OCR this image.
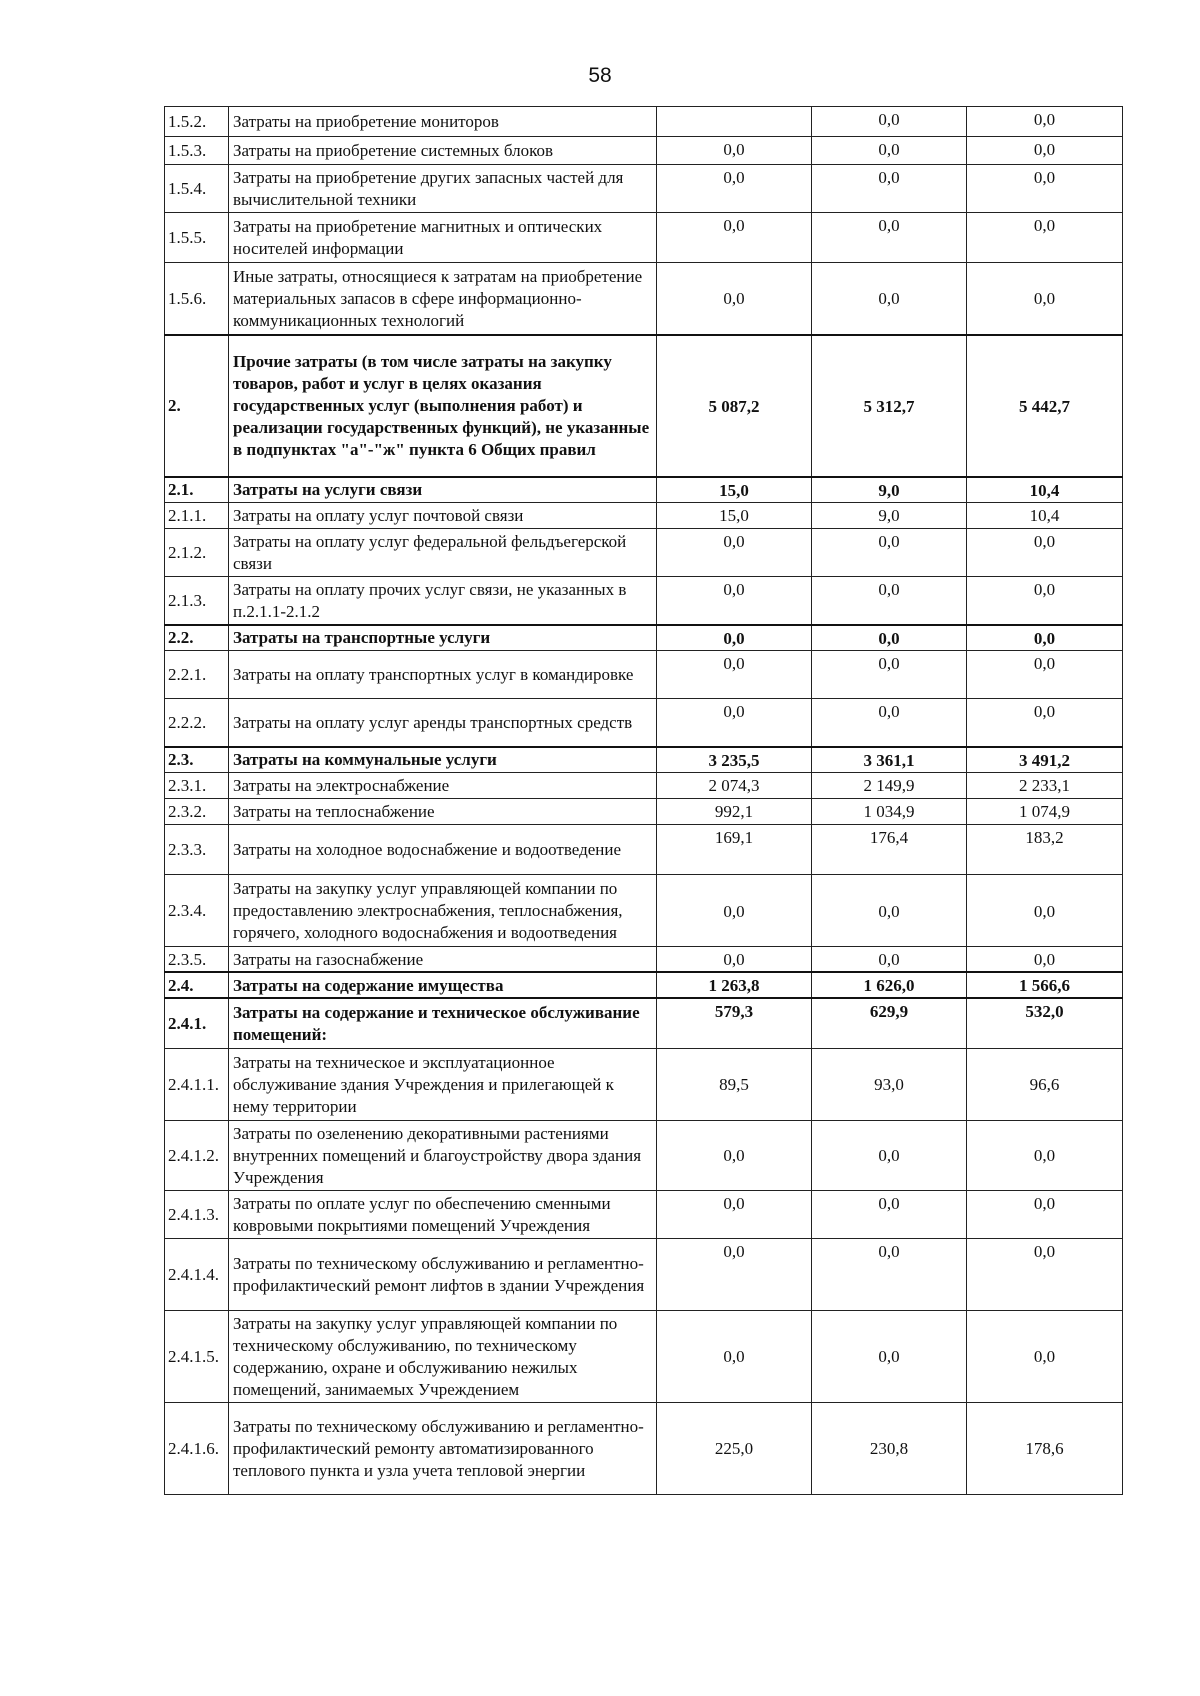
58
1.5.2.	Затраты на приобретение мониторов		0,0	0,0
1.5.3.	Затраты на приобретение системных блоков	0,0	0,0	0,0
1.5.4.	Затраты на приобретение других запасных частей для вычислительной техники	0,0	0,0	0,0
1.5.5.	Затраты на приобретение магнитных и оптических носителей информации	0,0	0,0	0,0
1.5.6.	Иные затраты, относящиеся к затратам на приобретение материальных запасов в сфере информационно-коммуникационных технологий	0,0	0,0	0,0
2.	Прочие затраты (в том числе затраты на закупку товаров, работ и услуг в целях оказания государственных услуг (выполнения работ) и реализации государственных функций), не указанные в подпунктах "а"-"ж" пункта 6 Общих правил	5 087,2	5 312,7	5 442,7
2.1.	Затраты на услуги связи	15,0	9,0	10,4
2.1.1.	Затраты на оплату услуг почтовой связи	15,0	9,0	10,4
2.1.2.	Затраты на оплату услуг федеральной фельдъегерской связи	0,0	0,0	0,0
2.1.3.	Затраты на оплату прочих услуг связи, не указанных в п.2.1.1-2.1.2	0,0	0,0	0,0
2.2.	Затраты на транспортные услуги	0,0	0,0	0,0
2.2.1.	Затраты на оплату транспортных услуг в командировке	0,0	0,0	0,0
2.2.2.	Затраты на оплату услуг аренды транспортных средств	0,0	0,0	0,0
2.3.	Затраты на коммунальные услуги	3 235,5	3 361,1	3 491,2
2.3.1.	Затраты на электроснабжение	2 074,3	2 149,9	2 233,1
2.3.2.	Затраты на теплоснабжение	992,1	1 034,9	1 074,9
2.3.3.	Затраты на холодное водоснабжение и водоотведение	169,1	176,4	183,2
2.3.4.	Затраты на закупку услуг управляющей компании по предоставлению электроснабжения, теплоснабжения, горячего, холодного водоснабжения и водоотведения	0,0	0,0	0,0
2.3.5.	Затраты на газоснабжение	0,0	0,0	0,0
2.4.	Затраты на содержание имущества	1 263,8	1 626,0	1 566,6
2.4.1.	Затраты на содержание и техническое обслуживание помещений:	579,3	629,9	532,0
2.4.1.1.	Затраты на техническое и эксплуатационное обслуживание здания Учреждения и прилегающей к нему территории	89,5	93,0	96,6
2.4.1.2.	Затраты по озеленению декоративными растениями внутренних помещений и благоустройству двора здания Учреждения	0,0	0,0	0,0
2.4.1.3.	Затраты по оплате услуг по обеспечению сменными ковровыми покрытиями помещений Учреждения	0,0	0,0	0,0
2.4.1.4.	Затраты по техническому обслуживанию и регламентно-профилактический ремонт лифтов в здании Учреждения	0,0	0,0	0,0
2.4.1.5.	Затраты на закупку услуг управляющей компании по техническому обслуживанию, по техническому содержанию, охране и обслуживанию нежилых помещений, занимаемых Учреждением	0,0	0,0	0,0
2.4.1.6.	Затраты по техническому обслуживанию и регламентно-профилактический ремонту автоматизированного теплового пункта и узла учета тепловой энергии	225,0	230,8	178,6
